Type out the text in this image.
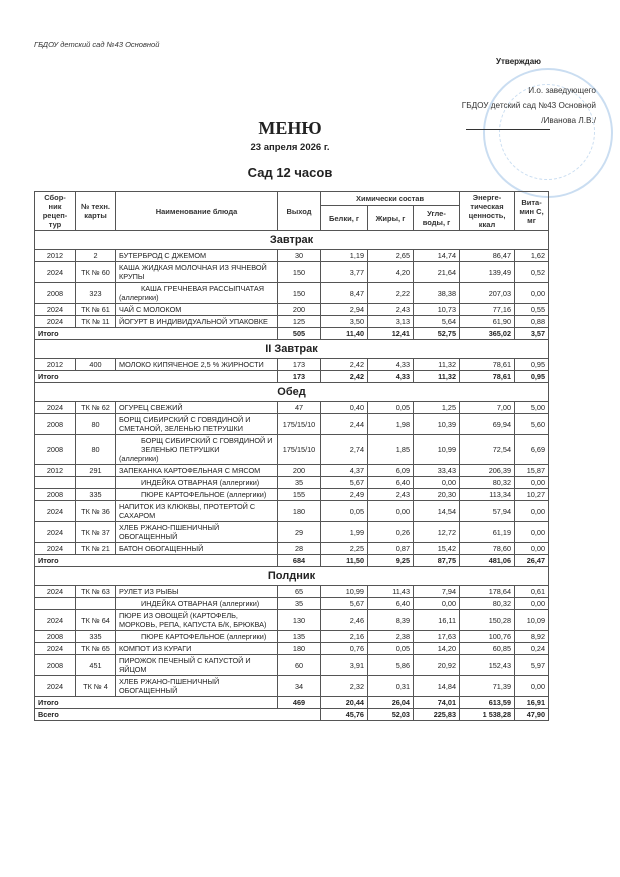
ГБДОУ детский сад №43 Основной
Утверждаю
И.о. заведующего
ГБДОУ детский сад №43 Основной
/Иванова Л.В./
МЕНЮ
23 апреля 2026 г.
Сад 12 часов
Сбор-ник рецеп-тур	№ техн. карты	Наименование блюда	Выход	Химически состав			Энерге-тическая ценность, ккал	Вита-мин С, мг
				Белки, г	Жиры, г	Угле-воды, г		
Завтрак								
2012	2	БУТЕРБРОД С ДЖЕМОМ	30	1,19	2,65	14,74	86,47	1,62
2024	ТК № 60	КАША ЖИДКАЯ МОЛОЧНАЯ ИЗ ЯЧНЕВОЙ КРУПЫ	150	3,77	4,20	21,64	139,49	0,52
2008	323	КАША ГРЕЧНЕВАЯ РАССЫПЧАТАЯ (аллергики)	150	8,47	2,22	38,38	207,03	0,00
2024	ТК № 61	ЧАЙ С МОЛОКОМ	200	2,94	2,43	10,73	77,16	0,55
2024	ТК № 11	ЙОГУРТ В ИНДИВИДУАЛЬНОЙ УПАКОВКЕ	125	3,50	3,13	5,64	61,90	0,88
Итого			505	11,40	12,41	52,75	365,02	3,57
II Завтрак								
2012	400	МОЛОКО КИПЯЧЕНОЕ 2,5 % ЖИРНОСТИ	173	2,42	4,33	11,32	78,61	0,95
Итого			173	2,42	4,33	11,32	78,61	0,95
Обед								
2024	ТК № 62	ОГУРЕЦ СВЕЖИЙ	47	0,40	0,05	1,25	7,00	5,00
2008	80	БОРЩ СИБИРСКИЙ С ГОВЯДИНОЙ И СМЕТАНОЙ, ЗЕЛЕНЬЮ ПЕТРУШКИ	175/15/10	2,44	1,98	10,39	69,94	5,60
2008	80	БОРЩ СИБИРСКИЙ С ГОВЯДИНОЙ И ЗЕЛЕНЬЮ ПЕТРУШКИ (аллергики)	175/15/10	2,74	1,85	10,99	72,54	6,69
2012	291	ЗАПЕКАНКА КАРТОФЕЛЬНАЯ С МЯСОМ	200	4,37	6,09	33,43	206,39	15,87
		ИНДЕЙКА ОТВАРНАЯ (аллергики)	35	5,67	6,40	0,00	80,32	0,00
2008	335	ПЮРЕ КАРТОФЕЛЬНОЕ (аллергики)	155	2,49	2,43	20,30	113,34	10,27
2024	ТК № 36	НАПИТОК ИЗ КЛЮКВЫ, ПРОТЕРТОЙ С САХАРОМ	180	0,05	0,00	14,54	57,94	0,00
2024	ТК № 37	ХЛЕБ РЖАНО-ПШЕНИЧНЫЙ ОБОГАЩЕННЫЙ	29	1,99	0,26	12,72	61,19	0,00
2024	ТК № 21	БАТОН ОБОГАЩЕННЫЙ	28	2,25	0,87	15,42	78,60	0,00
Итого			684	11,50	9,25	87,75	481,06	26,47
Полдник								
2024	ТК № 63	РУЛЕТ ИЗ РЫБЫ	65	10,99	11,43	7,94	178,64	0,61
		ИНДЕЙКА ОТВАРНАЯ (аллергики)	35	5,67	6,40	0,00	80,32	0,00
2024	ТК № 64	ПЮРЕ ИЗ ОВОЩЕЙ (КАРТОФЕЛЬ, МОРКОВЬ, РЕПА, КАПУСТА Б/К, БРЮКВА)	130	2,46	8,39	16,11	150,28	10,09
2008	335	ПЮРЕ КАРТОФЕЛЬНОЕ (аллергики)	135	2,16	2,38	17,63	100,76	8,92
2024	ТК № 65	КОМПОТ ИЗ КУРАГИ	180	0,76	0,05	14,20	60,85	0,24
2008	451	ПИРОЖОК ПЕЧЕНЫЙ С КАПУСТОЙ И ЯЙЦОМ	60	3,91	5,86	20,92	152,43	5,97
2024	ТК № 4	ХЛЕБ РЖАНО-ПШЕНИЧНЫЙ ОБОГАЩЕННЫЙ	34	2,32	0,31	14,84	71,39	0,00
Итого			469	20,44	26,04	74,01	613,59	16,91
Всего				45,76	52,03	225,83	1 538,28	47,90
